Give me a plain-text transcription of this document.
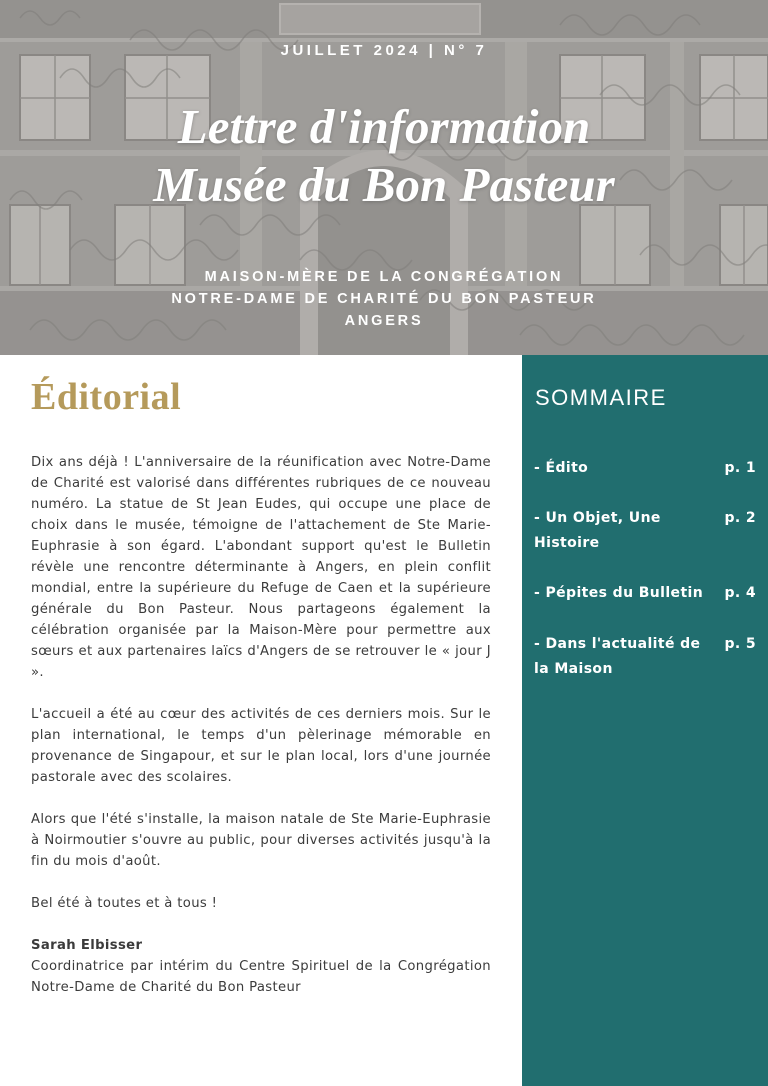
JUILLET 2024 | N° 7
Lettre d'information
Musée du Bon Pasteur
MAISON-MÈRE DE LA CONGRÉGATION
NOTRE-DAME DE CHARITÉ DU BON PASTEUR
ANGERS
Éditorial

Dix ans déjà ! L'anniversaire de la réunification avec Notre-Dame de Charité est valorisé dans différentes rubriques de ce nouveau numéro. La statue de St Jean Eudes, qui occupe une place de choix dans le musée, témoigne de l'attachement de Ste Marie-Euphrasie à son égard. L'abondant support qu'est le Bulletin révèle une rencontre déterminante à Angers, en plein conflit mondial, entre la supérieure du Refuge de Caen et la supérieure générale du Bon Pasteur. Nous partageons également la célébration organisée par la Maison-Mère pour permettre aux sœurs et aux partenaires laïcs d'Angers de se retrouver le « jour J ».

L'accueil a été au cœur des activités de ces derniers mois. Sur le plan international, le temps d'un pèlerinage mémorable en provenance de Singapour, et sur le plan local, lors d'une journée pastorale avec des scolaires.

Alors que l'été s'installe, la maison natale de Ste Marie-Euphrasie à Noirmoutier s'ouvre au public, pour diverses activités jusqu'à la fin du mois d'août.

Bel été à toutes et à tous !

Sarah Elbisser
Coordinatrice par intérim du Centre Spirituel de la Congrégation Notre-Dame de Charité du Bon Pasteur
SOMMAIRE
- Édito	p. 1
- Un Objet, Une Histoire
p. 2
- Pépites du Bulletin	p. 4
- Dans l'actualité de la Maison
p. 5
